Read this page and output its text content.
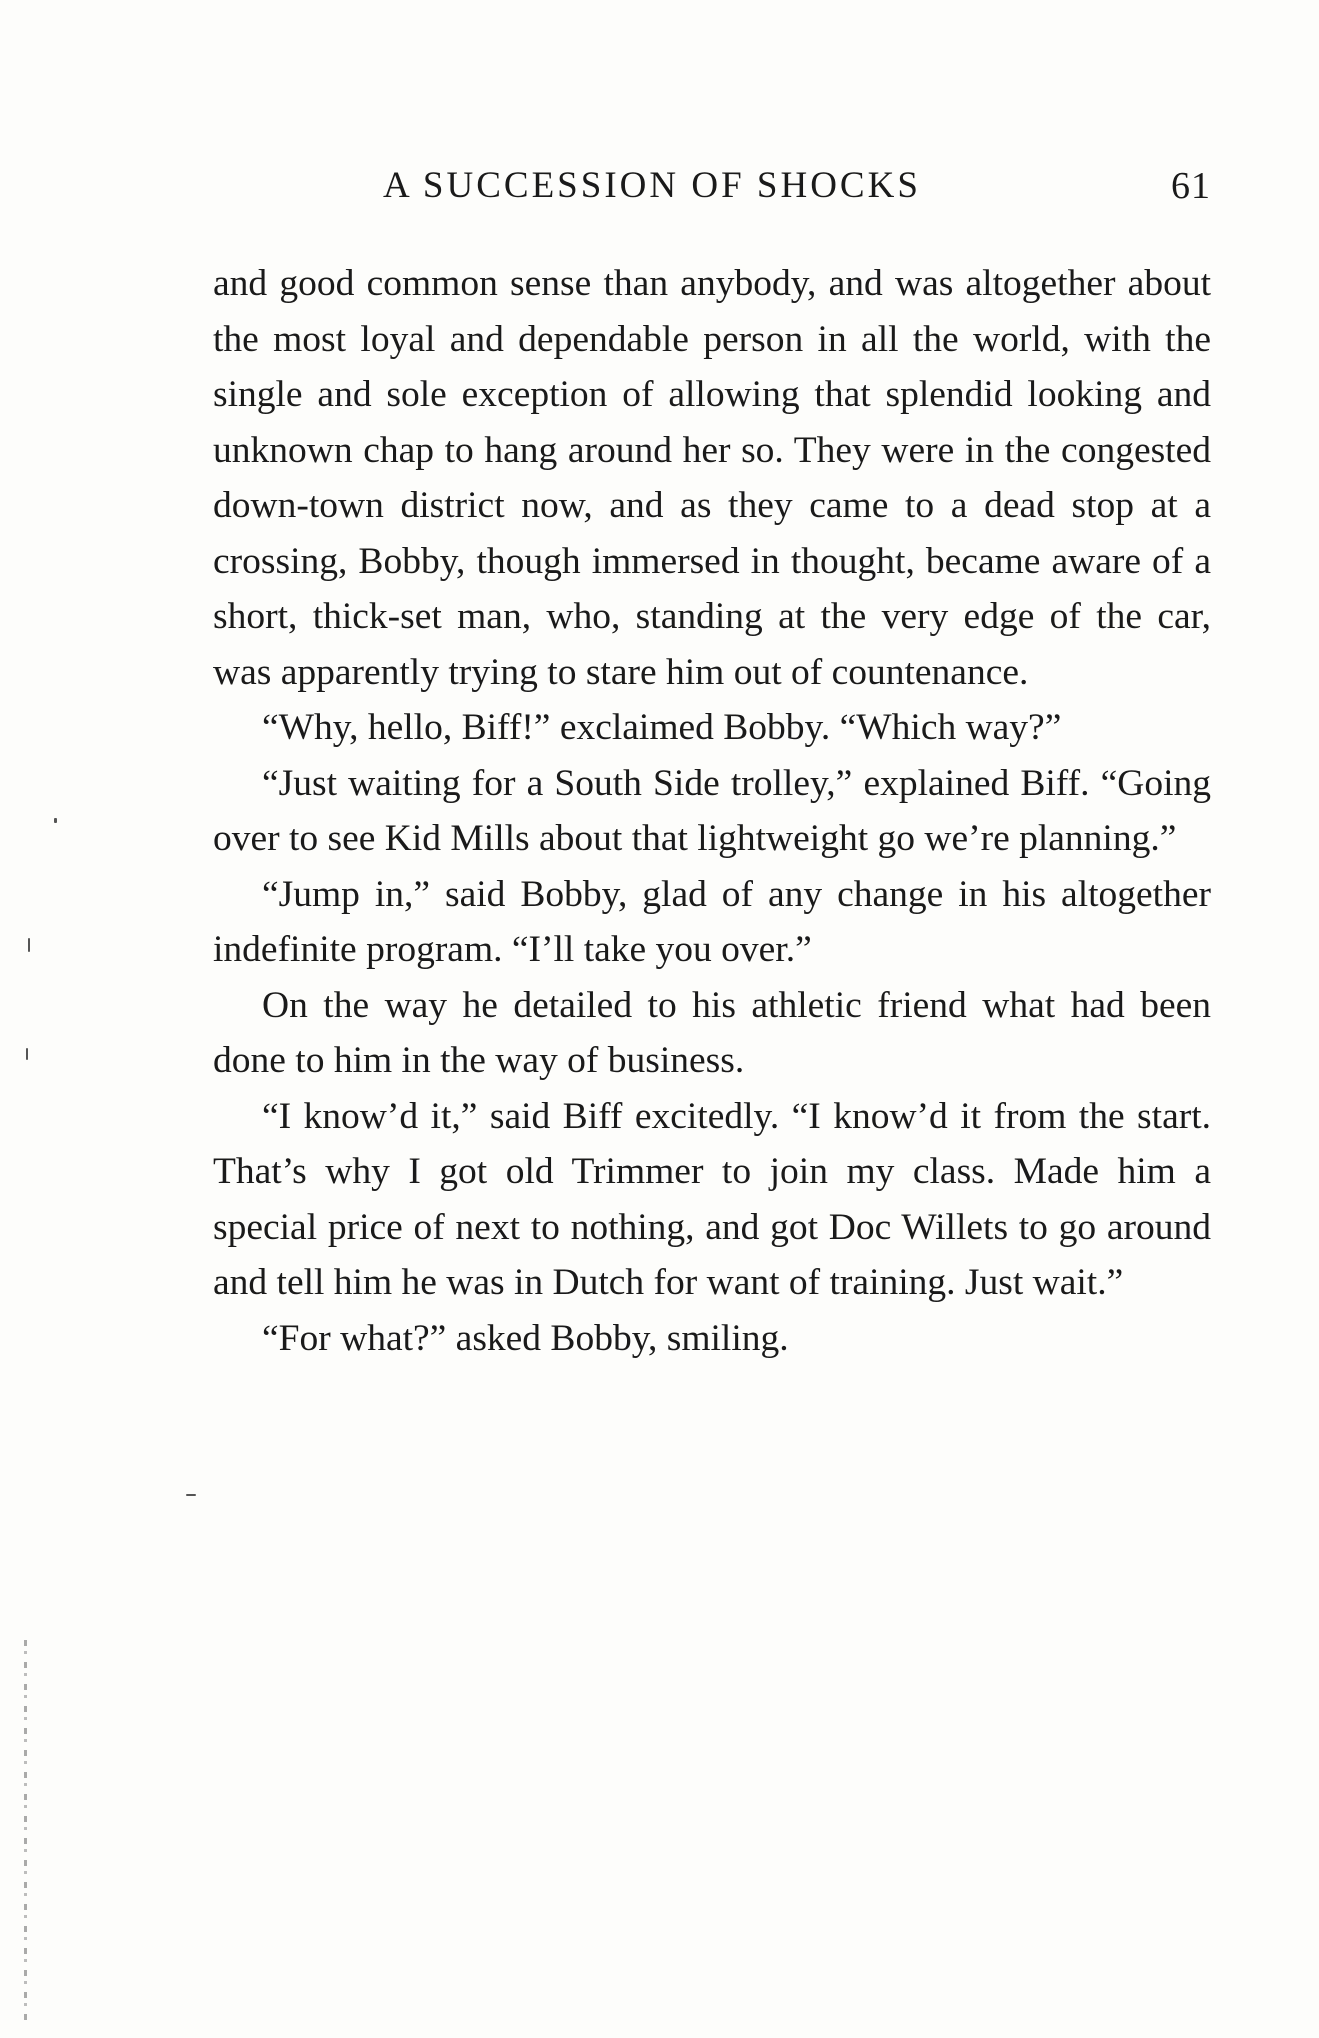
A SUCCESSION OF SHOCKS	61

and good common sense than anybody, and was altogether about the most loyal and dependable person in all the world, with the single and sole exception of allowing that splendid looking and unknown chap to hang around her so. They were in the congested down-town district now, and as they came to a dead stop at a crossing, Bobby, though immersed in thought, became aware of a short, thick-set man, who, standing at the very edge of the car, was apparently trying to stare him out of countenance.

“Why, hello, Biff!” exclaimed Bobby. “Which way?”

“Just waiting for a South Side trolley,” explained Biff. “Going over to see Kid Mills about that lightweight go we’re planning.”

“Jump in,” said Bobby, glad of any change in his altogether indefinite program. “I’ll take you over.”

On the way he detailed to his athletic friend what had been done to him in the way of business.

“I know’d it,” said Biff excitedly. “I know’d it from the start. That’s why I got old Trimmer to join my class. Made him a special price of next to nothing, and got Doc Willets to go around and tell him he was in Dutch for want of training. Just wait.”

“For what?” asked Bobby, smiling.
